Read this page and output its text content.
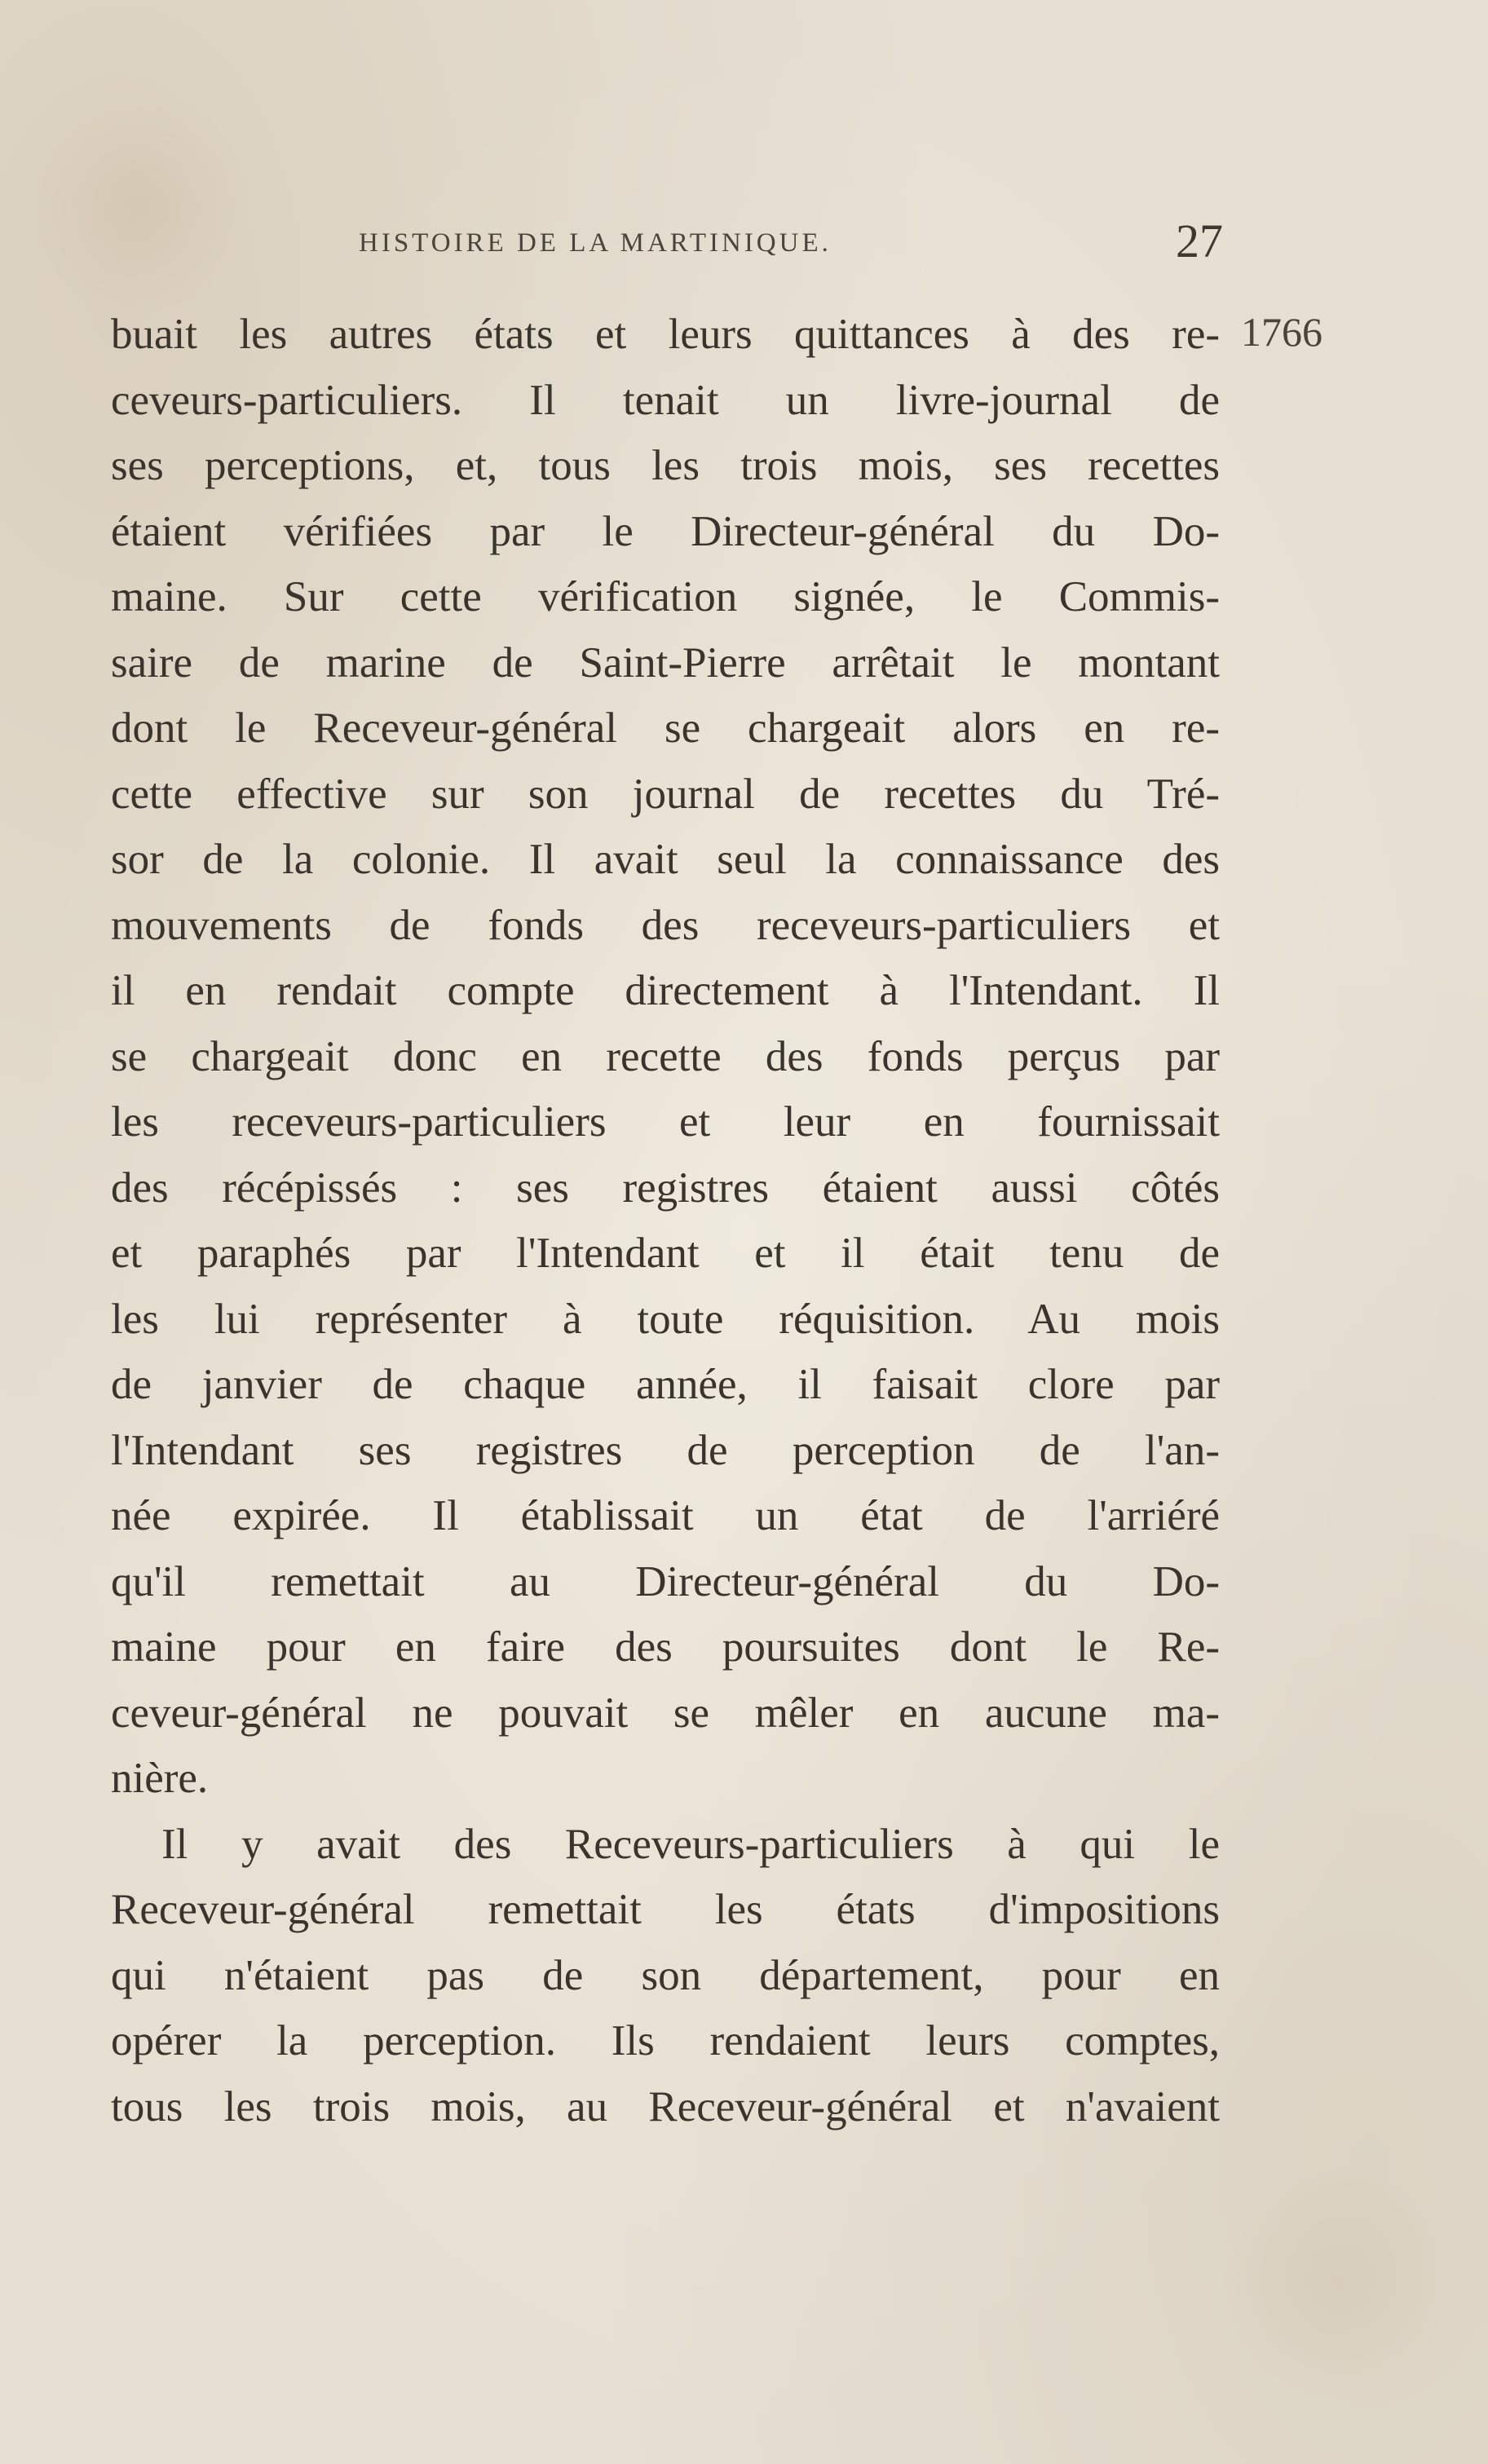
HISTOIRE DE LA MARTINIQUE.	27
1766
buait les autres états et leurs quittances à des re-
ceveurs-particuliers. Il tenait un livre-journal de
ses perceptions, et, tous les trois mois, ses recettes
étaient vérifiées par le Directeur-général du Do-
maine. Sur cette vérification signée, le Commis-
saire de marine de Saint-Pierre arrêtait le montant
dont le Receveur-général se chargeait alors en re-
cette effective sur son journal de recettes du Tré-
sor de la colonie. Il avait seul la connaissance des
mouvements de fonds des receveurs-particuliers et
il en rendait compte directement à l'Intendant. Il
se chargeait donc en recette des fonds perçus par
les receveurs-particuliers et leur en fournissait
des récépissés : ses registres étaient aussi côtés
et paraphés par l'Intendant et il était tenu de
les lui représenter à toute réquisition. Au mois
de janvier de chaque année, il faisait clore par
l'Intendant ses registres de perception de l'an-
née expirée. Il établissait un état de l'arriéré
qu'il remettait au Directeur-général du Do-
maine pour en faire des poursuites dont le Re-
ceveur-général ne pouvait se mêler en aucune ma-
nière.
Il y avait des Receveurs-particuliers à qui le
Receveur-général remettait les états d'impositions
qui n'étaient pas de son département, pour en
opérer la perception. Ils rendaient leurs comptes,
tous les trois mois, au Receveur-général et n'avaient
